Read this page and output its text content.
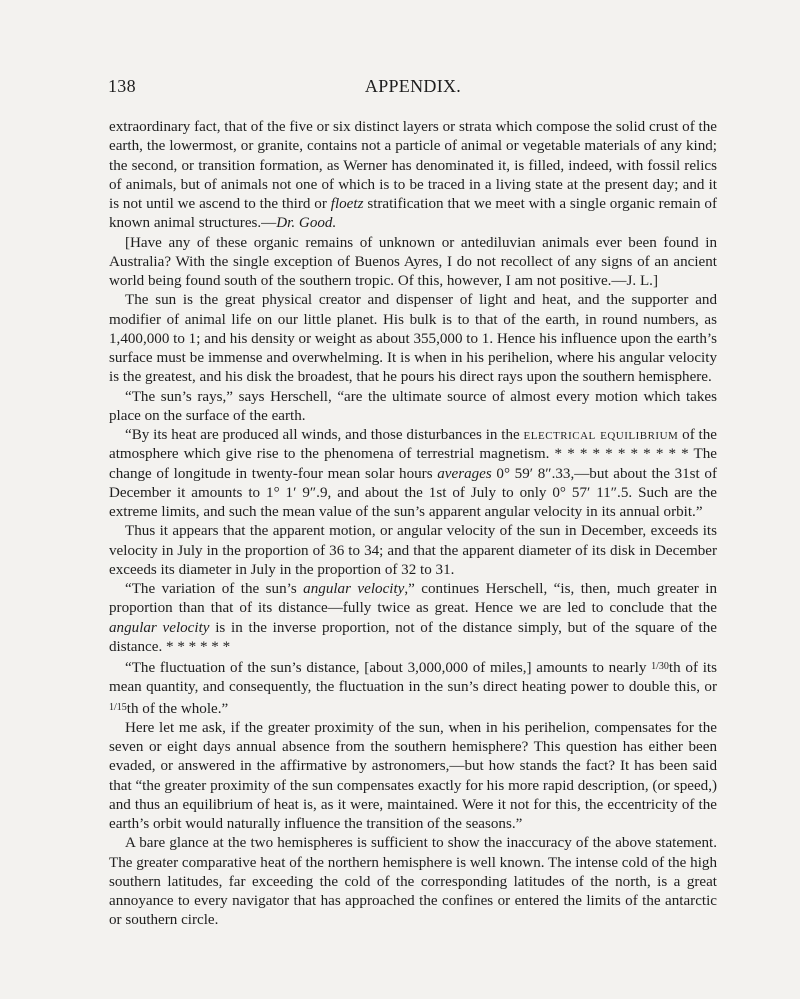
138	APPENDIX.

extraordinary fact, that of the five or six distinct layers or strata which compose the solid crust of the earth, the lowermost, or granite, contains not a particle of animal or vegetable materials of any kind; the second, or transition formation, as Werner has denominated it, is filled, indeed, with fossil relics of animals, but of animals not one of which is to be traced in a living state at the present day; and it is not until we ascend to the third or floetz stratification that we meet with a single organic remain of known animal structures.—Dr. Good.

[Have any of these organic remains of unknown or antediluvian animals ever been found in Australia? With the single exception of Buenos Ayres, I do not recollect of any signs of an ancient world being found south of the southern tropic. Of this, however, I am not positive.—J. L.]

The sun is the great physical creator and dispenser of light and heat, and the supporter and modifier of animal life on our little planet. His bulk is to that of the earth, in round numbers, as 1,400,000 to 1; and his density or weight as about 355,000 to 1. Hence his influence upon the earth’s surface must be immense and overwhelming. It is when in his perihelion, where his angular velocity is the greatest, and his disk the broadest, that he pours his direct rays upon the southern hemisphere.

“The sun’s rays,” says Herschell, “are the ultimate source of almost every motion which takes place on the surface of the earth.

“By its heat are produced all winds, and those disturbances in the electrical equilibrium of the atmosphere which give rise to the phenomena of terrestrial magnetism. * * * * * * * * * * * The change of longitude in twenty-four mean solar hours averages 0° 59′ 8″.33,—but about the 31st of December it amounts to 1° 1′ 9″.9, and about the 1st of July to only 0° 57′ 11″.5. Such are the extreme limits, and such the mean value of the sun’s apparent angular velocity in its annual orbit.”

Thus it appears that the apparent motion, or angular velocity of the sun in December, exceeds its velocity in July in the proportion of 36 to 34; and that the apparent diameter of its disk in December exceeds its diameter in July in the proportion of 32 to 31.

“The variation of the sun’s angular velocity,” continues Herschell, “is, then, much greater in proportion than that of its distance—fully twice as great. Hence we are led to conclude that the angular velocity is in the inverse proportion, not of the distance simply, but of the square of the distance. * * * * * *

“The fluctuation of the sun’s distance, [about 3,000,000 of miles,] amounts to nearly 1/30th of its mean quantity, and consequently, the fluctuation in the sun’s direct heating power to double this, or 1/15th of the whole.”

Here let me ask, if the greater proximity of the sun, when in his perihelion, compensates for the seven or eight days annual absence from the southern hemisphere? This question has either been evaded, or answered in the affirmative by astronomers,—but how stands the fact? It has been said that “the greater proximity of the sun compensates exactly for his more rapid description, (or speed,) and thus an equilibrium of heat is, as it were, maintained. Were it not for this, the eccentricity of the earth’s orbit would naturally influence the transition of the seasons.”

A bare glance at the two hemispheres is sufficient to show the inaccuracy of the above statement. The greater comparative heat of the northern hemisphere is well known. The intense cold of the high southern latitudes, far exceeding the cold of the corresponding latitudes of the north, is a great annoyance to every navigator that has approached the confines or entered the limits of the antarctic or southern circle.
